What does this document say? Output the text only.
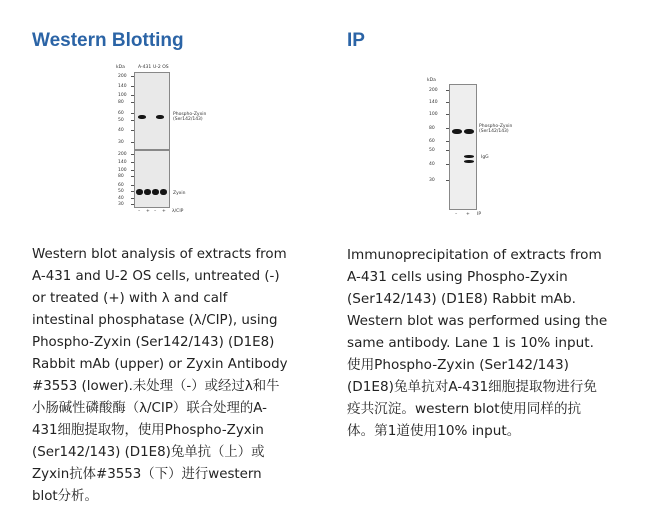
Western Blotting
kDa	A-431 U-2 OS
Phospho-Zyxin (Ser142/143)
Zyxin
– + – + λ/CIP
200
140
100
80
60
50
40
30
200
140
100
80
60
50
40
30
Western blot analysis of extracts from
A-431 and U-2 OS cells, untreated (-)
or treated (+) with λ and calf
intestinal phosphatase (λ/CIP), using
Phospho-Zyxin (Ser142/143) (D1E8)
Rabbit mAb (upper) or Zyxin Antibody
#3553 (lower).未处理（-）或经过λ和牛
小肠碱性磷酸酶（λ/CIP）联合处理的A-
431细胞提取物，使用Phospho-Zyxin
(Ser142/143) (D1E8)兔单抗（上）或
Zyxin抗体#3553（下）进行western
blot分析。
IP
kDa
Phospho-Zyxin (Ser142/143)
IgG
– + IP
200
140
100
80
60
50
40
30
Immunoprecipitation of extracts from
A-431 cells using Phospho-Zyxin
(Ser142/143) (D1E8) Rabbit mAb.
Western blot was performed using the
same antibody. Lane 1 is 10% input.
使用Phospho-Zyxin (Ser142/143)
(D1E8)兔单抗对A-431细胞提取物进行免
疫共沉淀。western blot使用同样的抗
体。第1道使用10% input。
